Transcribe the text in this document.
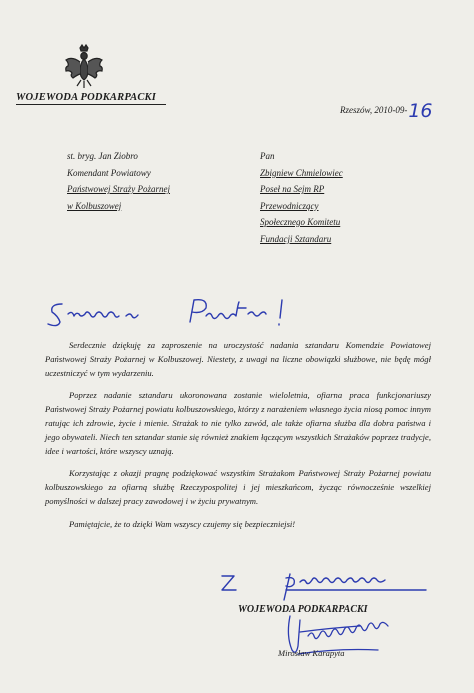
WOJEWODA PODKARPACKI
Rzeszów, 2010-09-16
st. bryg. Jan Ziobro
Komendant Powiatowy
Państwowej Straży Pożarnej
w Kolbuszowej
Pan
Zbigniew Chmielowiec
Poseł na Sejm RP
Przewodniczący
Społecznego Komitetu
Fundacji Sztandaru

Serdecznie dziękuję za zaproszenie na uroczystość nadania sztandaru Komendzie Powiatowej Państwowej Straży Pożarnej w Kolbuszowej. Niestety, z uwagi na liczne obowiązki służbowe, nie będę mógł uczestniczyć w tym wydarzeniu.

Poprzez nadanie sztandaru ukoronowana zostanie wieloletnia, ofiarna praca funkcjonariuszy Państwowej Straży Pożarnej powiatu kolbuszowskiego, którzy z narażeniem własnego życia niosą pomoc innym ratując ich zdrowie, życie i mienie. Strażak to nie tylko zawód, ale także ofiarna służba dla dobra państwa i jego obywateli. Niech ten sztandar stanie się również znakiem łączącym wszystkich Strażaków poprzez tradycje, idee i wartości, które wszyscy uznają.

Korzystając z okazji pragnę podziękować wszystkim Strażakom Państwowej Straży Pożarnej powiatu kolbuszowskiego za ofiarną służbę Rzeczypospolitej i jej mieszkańcom, życząc równocześnie wszelkiej pomyślności w dalszej pracy zawodowej i w życiu prywatnym.

Pamiętajcie, że to dzięki Wam wszyscy czujemy się bezpieczniejsi!

WOJEWODA PODKARPACKI
Mirosław Karapyta
